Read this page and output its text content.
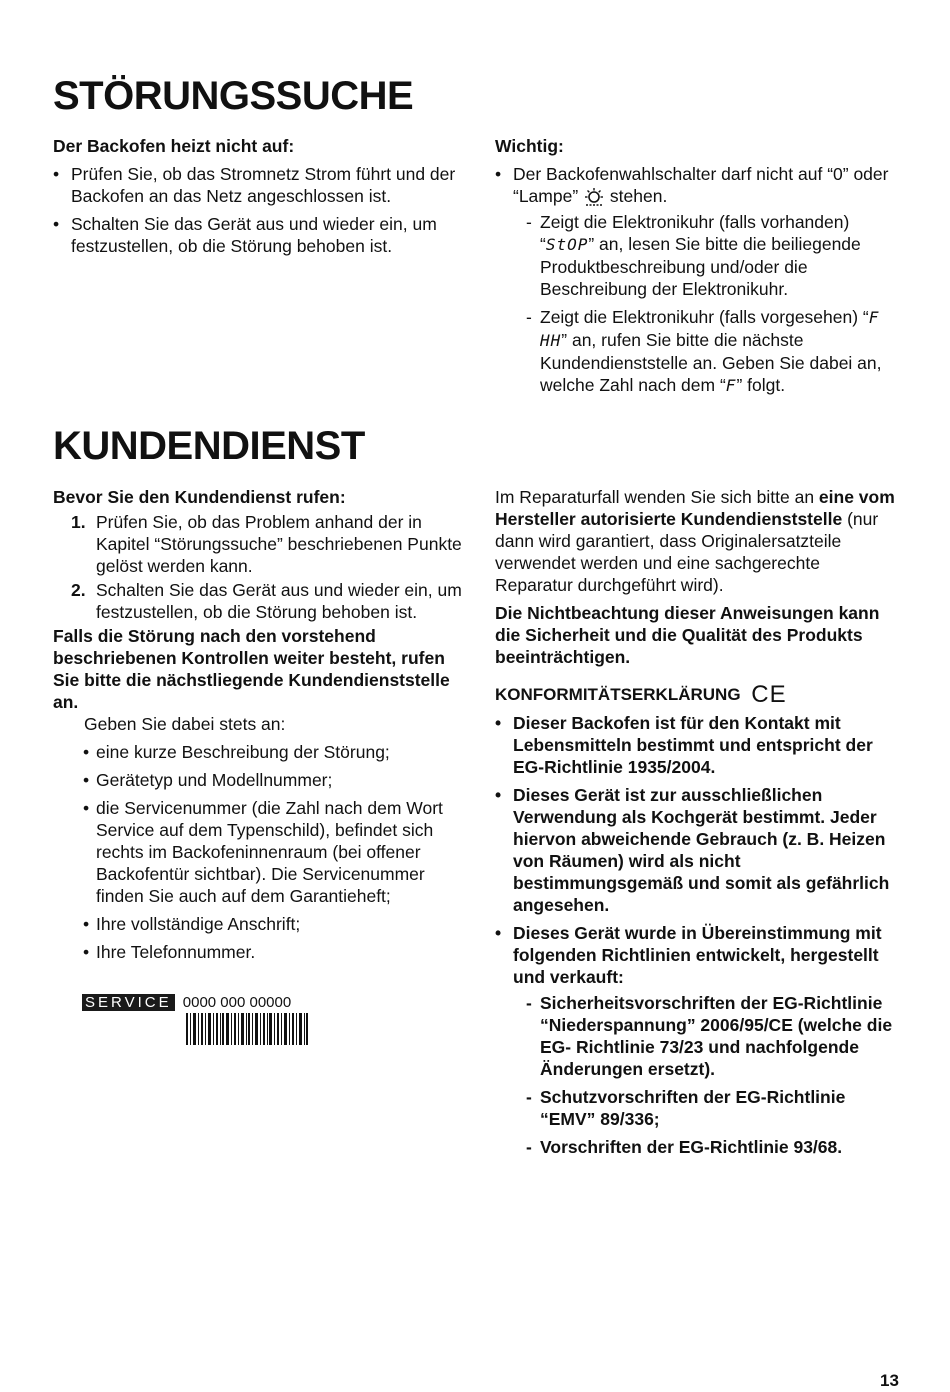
STÖRUNGSSUCHE
Der Backofen heizt nicht auf:
• Prüfen Sie, ob das Stromnetz Strom führt und der Backofen an das Netz angeschlossen ist.
• Schalten Sie das Gerät aus und wieder ein, um festzustellen, ob die Störung behoben ist.
Wichtig:
• Der Backofenwahlschalter darf nicht auf “0” oder “Lampe” stehen.
- Zeigt die Elektronikuhr (falls vorhanden) “StOP” an, lesen Sie bitte die beiliegende Produktbeschreibung und/oder die Beschreibung der Elektronikuhr.
- Zeigt die Elektronikuhr (falls vorgesehen) “F HH” an, rufen Sie bitte die nächste Kundendienststelle an. Geben Sie dabei an, welche Zahl nach dem “F” folgt.
KUNDENDIENST
Bevor Sie den Kundendienst rufen:
1. Prüfen Sie, ob das Problem anhand der in Kapitel “Störungssuche” beschriebenen Punkte gelöst werden kann.
2. Schalten Sie das Gerät aus und wieder ein, um festzustellen, ob die Störung behoben ist.
Falls die Störung nach den vorstehend beschriebenen Kontrollen weiter besteht, rufen Sie bitte die nächstliegende Kundendienststelle an.
Geben Sie dabei stets an:
• eine kurze Beschreibung der Störung;
• Gerätetyp und Modellnummer;
• die Servicenummer (die Zahl nach dem Wort Service auf dem Typenschild), befindet sich rechts im Backofeninnenraum (bei offener Backofentür sichtbar). Die Servicenummer finden Sie auch auf dem Garantieheft;
• Ihre vollständige Anschrift;
• Ihre Telefonnummer.
SERVICE 0000 000 00000

Im Reparaturfall wenden Sie sich bitte an eine vom Hersteller autorisierte Kundendienststelle (nur dann wird garantiert, dass Originalersatzteile verwendet werden und eine sachgerechte Reparatur durchgeführt wird).

Die Nichtbeachtung dieser Anweisungen kann die Sicherheit und die Qualität des Produkts beeinträchtigen.

KONFORMITÄTSERKLÄRUNG CE
• Dieser Backofen ist für den Kontakt mit Lebensmitteln bestimmt und entspricht der EG-Richtlinie 1935/2004.
• Dieses Gerät ist zur ausschließlichen Verwendung als Kochgerät bestimmt. Jeder hiervon abweichende Gebrauch (z. B. Heizen von Räumen) wird als nicht bestimmungsgemäß und somit als gefährlich angesehen.
• Dieses Gerät wurde in Übereinstimmung mit folgenden Richtlinien entwickelt, hergestellt und verkauft:
- Sicherheitsvorschriften der EG-Richtlinie “Niederspannung” 2006/95/CE (welche die EG- Richtlinie 73/23 und nachfolgende Änderungen ersetzt).
- Schutzvorschriften der EG-Richtlinie “EMV” 89/336;
- Vorschriften der EG-Richtlinie 93/68.
13
